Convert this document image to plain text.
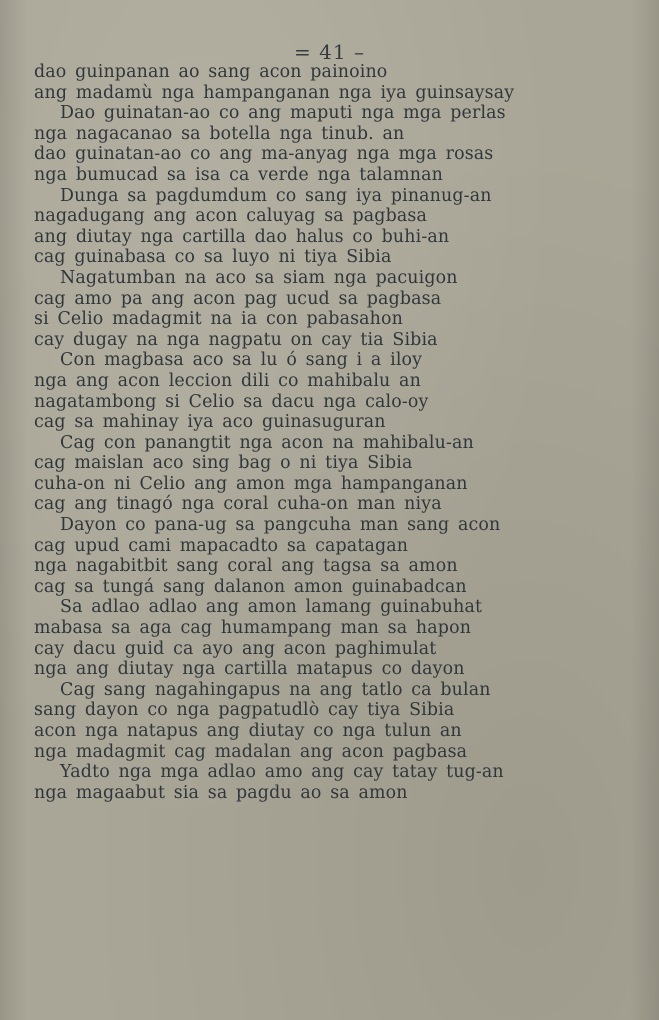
= 41 –
dao guinpanan ao sang acon painoino
ang madamù nga hampanganan nga iya guinsaysay
Dao guinatan-ao co ang maputi nga mga perlas
nga nagacanao sa botella nga tinub. an
dao guinatan-ao co ang ma-anyag nga mga rosas
nga bumucad sa isa ca verde nga talamnan
Dunga sa pagdumdum co sang iya pinanug-an
nagadugang ang acon caluyag sa pagbasa
ang diutay nga cartilla dao halus co buhi-an
cag guinabasa co sa luyo ni tiya Sibia
Nagatumban na aco sa siam nga pacuigon
cag amo pa ang acon pag ucud sa pagbasa
si Celio madagmit na ia con pabasahon
cay dugay na nga nagpatu on cay tia Sibia
Con magbasa aco sa lu ó sang i a iloy
nga ang acon leccion dili co mahibalu an
nagatambong si Celio sa dacu nga calo-oy
cag sa mahinay iya aco guinasuguran
Cag con panangtit nga acon na mahibalu-an
cag maislan aco sing bag o ni tiya Sibia
cuha-on ni Celio ang amon mga hampanganan
cag ang tinagó nga coral cuha-on man niya
Dayon co pana-ug sa pangcuha man sang acon
cag upud cami mapacadto sa capatagan
nga nagabitbit sang coral ang tagsa sa amon
cag sa tungá sang dalanon amon guinabadcan
Sa adlao adlao ang amon lamang guinabuhat
mabasa sa aga cag humampang man sa hapon
cay dacu guid ca ayo ang acon paghimulat
nga ang diutay nga cartilla matapus co dayon
Cag sang nagahingapus na ang tatlo ca bulan
sang dayon co nga pagpatudlò cay tiya Sibia
acon nga natapus ang diutay co nga tulun an
nga madagmit cag madalan ang acon pagbasa
Yadto nga mga adlao amo ang cay tatay tug-an
nga magaabut sia sa pagdu ao sa amon
